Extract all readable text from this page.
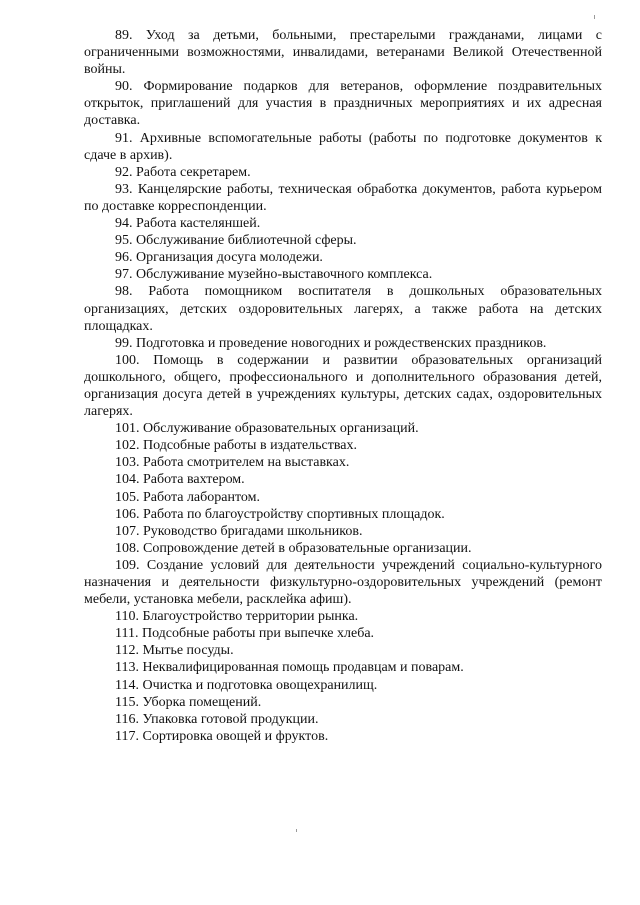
89. Уход за детьми, больными, престарелыми гражданами, лицами с ограниченными возможностями, инвалидами, ветеранами Великой Отечественной войны.

90. Формирование подарков для ветеранов, оформление поздравительных открыток, приглашений для участия в праздничных мероприятиях и их адресная доставка.

91. Архивные вспомогательные работы (работы по подготовке документов к сдаче в архив).

92. Работа секретарем.

93. Канцелярские работы, техническая обработка документов, работа курьером по доставке корреспонденции.

94. Работа кастеляншей.

95. Обслуживание библиотечной сферы.

96. Организация досуга молодежи.

97. Обслуживание музейно-выставочного комплекса.

98. Работа помощником воспитателя в дошкольных образовательных организациях, детских оздоровительных лагерях, а также работа на детских площадках.

99. Подготовка и проведение новогодних и рождественских праздников.

100. Помощь в содержании и развитии образовательных организаций дошкольного, общего, профессионального и дополнительного образования детей, организация досуга детей в учреждениях культуры, детских садах, оздоровительных лагерях.

101. Обслуживание образовательных организаций.

102. Подсобные работы в издательствах.

103. Работа смотрителем на выставках.

104. Работа вахтером.

105. Работа лаборантом.

106. Работа по благоустройству спортивных площадок.

107. Руководство бригадами школьников.

108. Сопровождение детей в образовательные организации.

109. Создание условий для деятельности учреждений социально-культурного назначения и деятельности физкультурно-оздоровительных учреждений (ремонт мебели, установка мебели, расклейка афиш).

110. Благоустройство территории рынка.

111. Подсобные работы при выпечке хлеба.

112. Мытье посуды.

113. Неквалифицированная помощь продавцам и поварам.

114. Очистка и подготовка овощехранилищ.

115. Уборка помещений.

116. Упаковка готовой продукции.

117. Сортировка овощей и фруктов.
